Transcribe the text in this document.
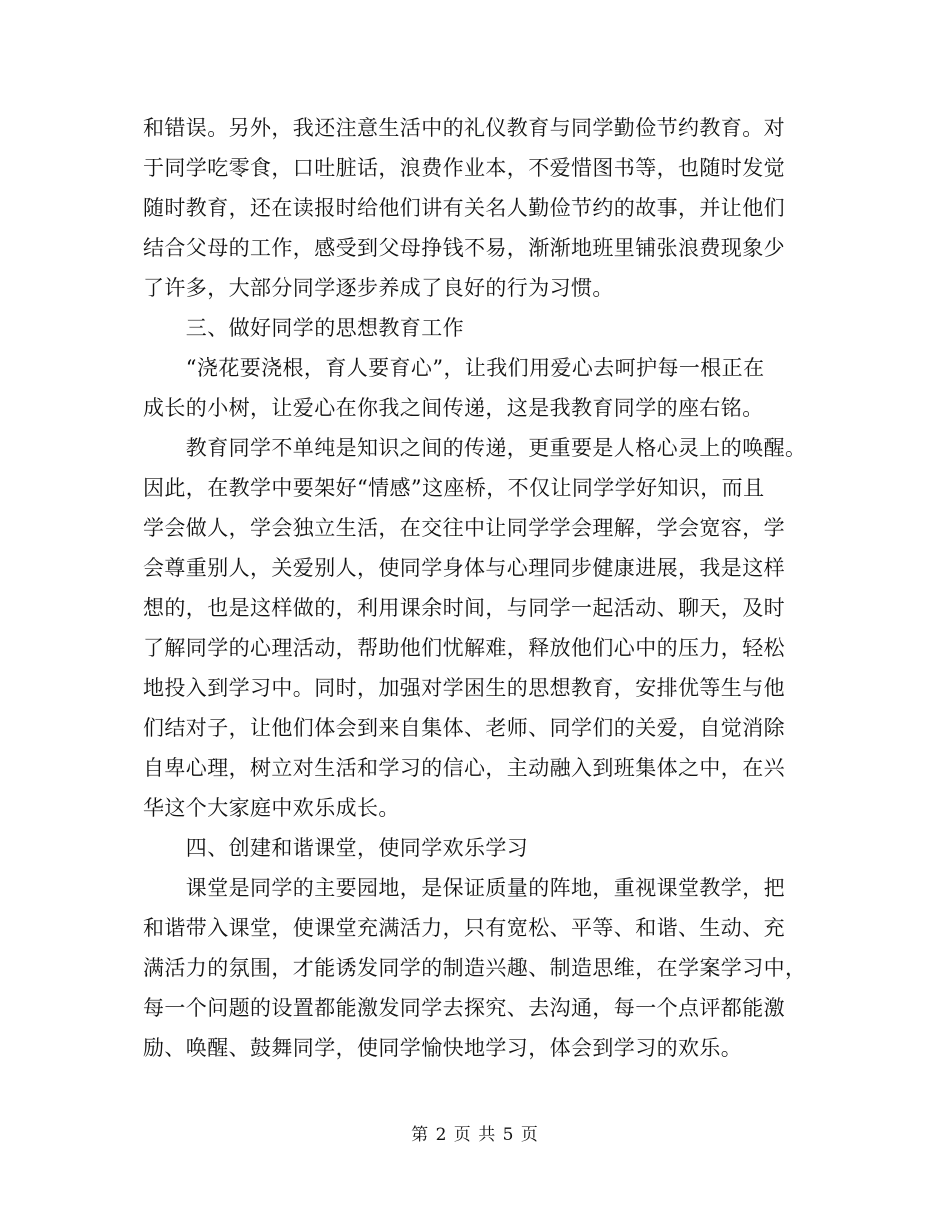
和错误。另外，我还注意生活中的礼仪教育与同学勤俭节约教育。对
于同学吃零食，口吐脏话，浪费作业本，不爱惜图书等，也随时发觉
随时教育，还在读报时给他们讲有关名人勤俭节约的故事，并让他们
结合父母的工作，感受到父母挣钱不易，渐渐地班里铺张浪费现象少
了许多，大部分同学逐步养成了良好的行为习惯。
　　三、做好同学的思想教育工作
　　“浇花要浇根，育人要育心”，让我们用爱心去呵护每一根正在
成长的小树，让爱心在你我之间传递，这是我教育同学的座右铭。
　　教育同学不单纯是知识之间的传递，更重要是人格心灵上的唤醒。
因此，在教学中要架好“情感”这座桥，不仅让同学学好知识，而且
学会做人，学会独立生活，在交往中让同学学会理解，学会宽容，学
会尊重别人，关爱别人，使同学身体与心理同步健康进展，我是这样
想的，也是这样做的，利用课余时间，与同学一起活动、聊天，及时
了解同学的心理活动，帮助他们忧解难，释放他们心中的压力，轻松
地投入到学习中。同时，加强对学困生的思想教育，安排优等生与他
们结对子，让他们体会到来自集体、老师、同学们的关爱，自觉消除
自卑心理，树立对生活和学习的信心，主动融入到班集体之中，在兴
华这个大家庭中欢乐成长。
　　四、创建和谐课堂，使同学欢乐学习
　　课堂是同学的主要园地，是保证质量的阵地，重视课堂教学，把
和谐带入课堂，使课堂充满活力，只有宽松、平等、和谐、生动、充
满活力的氛围，才能诱发同学的制造兴趣、制造思维，在学案学习中，
每一个问题的设置都能激发同学去探究、去沟通，每一个点评都能激
励、唤醒、鼓舞同学，使同学愉快地学习，体会到学习的欢乐。
第 2 页 共 5 页
